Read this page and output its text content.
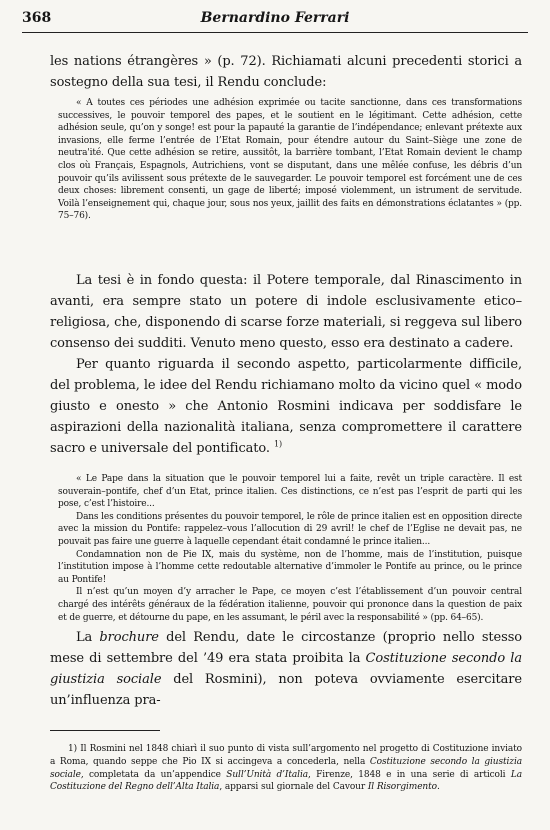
368	Bernardino Ferrari

les nations étrangères » (p. 72). Richiamati alcuni precedenti storici a sostegno della sua tesi, il Rendu conclude:

« A toutes ces périodes une adhésion exprimée ou tacite sanctionne, dans ces transformations successives, le pouvoir temporel des papes, et le soutient en le légitimant. Cette adhésion, cette adhésion seule, qu’on y songe! est pour la papauté la garantie de l’indépendance; enlevant prétexte aux invasions, elle ferme l’entrée de l’Etat Romain, pour étendre autour du Saint–Siège une zone de neutra'ité. Que cette adhésion se retire, aussitôt, la barrière tombant, l’Etat Romain devient le champ clos où Français, Espagnols, Autrichiens, vont se disputant, dans une mêlée confuse, les débris d’un pouvoir qu’ils avilissent sous prétexte de le sauvegarder. Le pouvoir temporel est forcément une de ces deux choses: librement consenti, un gage de liberté; imposé violemment, un istrument de servitude. Voilà l’enseignement qui, chaque jour, sous nos yeux, jaillit des faits en démonstrations éclatantes » (pp. 75–76).

La tesi è in fondo questa: il Potere temporale, dal Rinascimento in avanti, era sempre stato un potere di indole esclusivamente etico–religiosa, che, disponendo di scarse forze materiali, si reggeva sul libero consenso dei sudditi. Venuto meno questo, esso era destinato a cadere.

Per quanto riguarda il secondo aspetto, particolarmente difficile, del problema, le idee del Rendu richiamano molto da vicino quel « modo giusto e onesto » che Antonio Rosmini indicava per soddisfare le aspirazioni della nazionalità italiana, senza compromettere il carattere sacro e universale del pontificato. $^{1)}$

« Le Pape dans la situation que le pouvoir temporel lui a faite, revêt un triple caractère. Il est souverain–pontife, chef d’un Etat, prince italien. Ces distinctions, ce n’est pas l’esprit de parti qui les pose, c’est l’histoire...

Dans les conditions présentes du pouvoir temporel, le rôle de prince italien est en opposition directe avec la mission du Pontife: rappelez–vous l’allocution di 29 avril! le chef de l’Eglise ne devait pas, ne pouvait pas faire une guerre à laquelle cependant était condamné le prince italien...

Condamnation non de Pie IX, mais du système, non de l’homme, mais de l’institution, puisque l’institution impose à l’homme cette redoutable alternative d’immoler le Pontife au prince, ou le prince au Pontife!

Il n’est qu’un moyen d’y arracher le Pape, ce moyen c’est l’établissement d’un pouvoir central chargé des intérêts généraux de la fédération italienne, pouvoir qui prononce dans la question de paix et de guerre, et détourne du pape, en les assumant, le péril avec la responsabilité » (pp. 64–65).

La brochure del Rendu, date le circostanze (proprio nello stesso mese di settembre del ’49 era stata proibita la Costituzione secondo la giustizia sociale del Rosmini), non poteva ovviamente esercitare un’influenza pra-

1) Il Rosmini nel 1848 chiarì il suo punto di vista sull’argomento nel progetto di Costituzione inviato a Roma, quando seppe che Pio IX si accingeva a concederla, nella Costituzione secondo la giustizia sociale, completata da un’appendice Sull’Unità d’Italia, Firenze, 1848 e in una serie di articoli La Costituzione del Regno dell’Alta Italia, apparsi sul giornale del Cavour Il Risorgimento.
